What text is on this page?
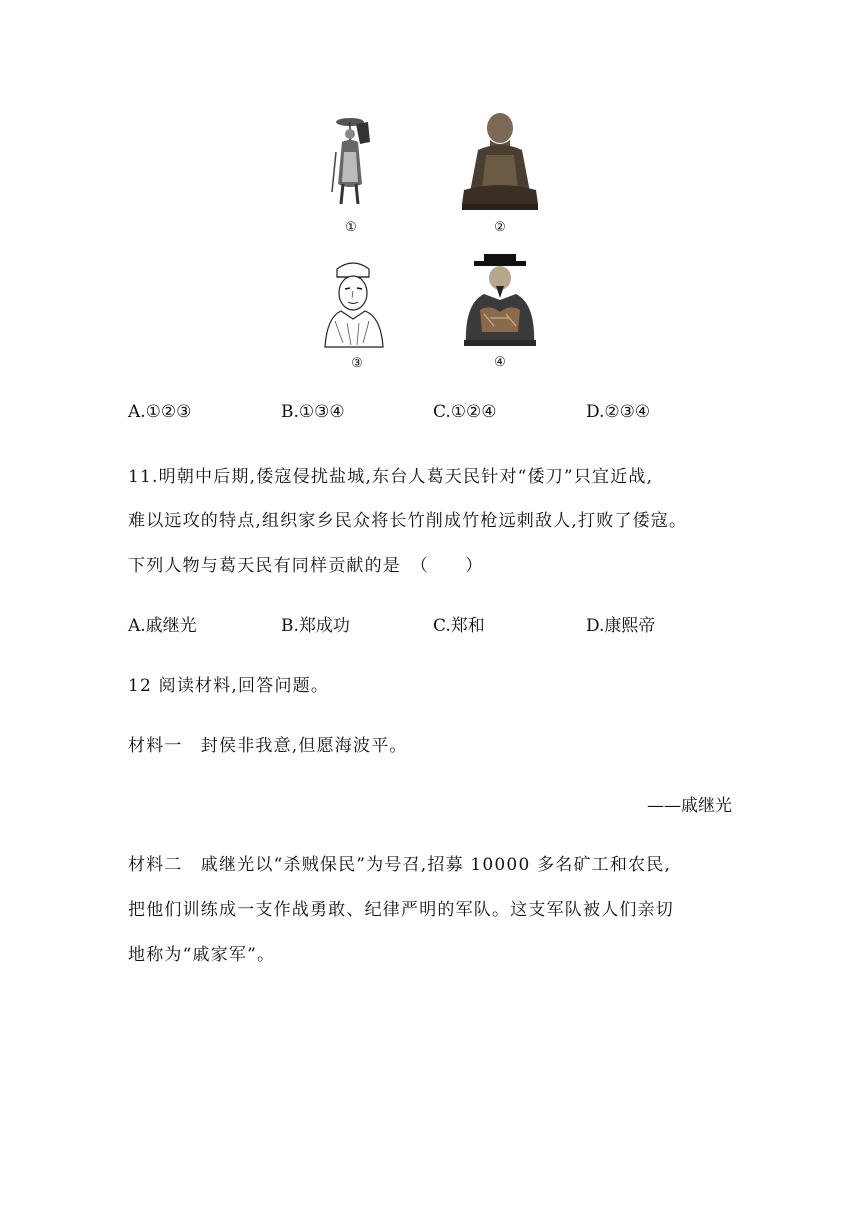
①	②
③	④
A.①②③	B.①③④	C.①②④	D.②③④
11.明朝中后期,倭寇侵扰盐城,东台人葛天民针对“倭刀”只宜近战,
难以远攻的特点,组织家乡民众将长竹削成竹枪远刺敌人,打败了倭寇。
下列人物与葛天民有同样贡献的是　（　　）
A.戚继光	B.郑成功	C.郑和	D.康熙帝
12 阅读材料,回答问题。
材料一　封侯非我意,但愿海波平。
——戚继光
材料二　戚继光以“杀贼保民”为号召,招募 10000 多名矿工和农民,
把他们训练成一支作战勇敢、纪律严明的军队。这支军队被人们亲切
地称为“戚家军”。
